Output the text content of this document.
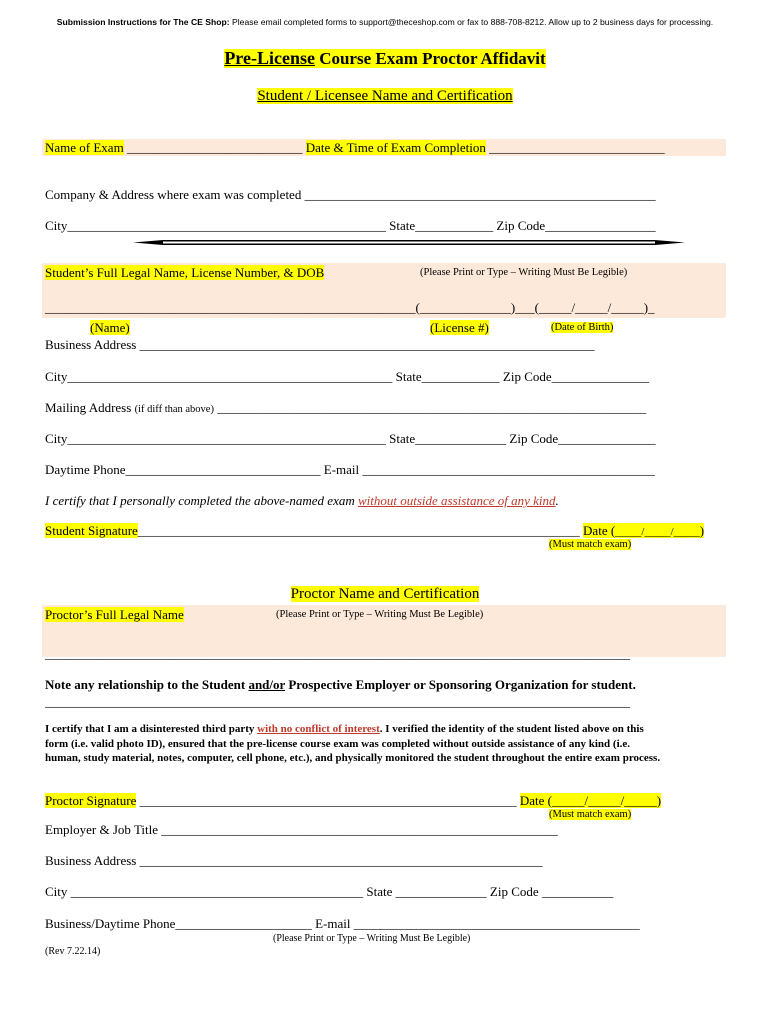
Submission Instructions for The CE Shop: Please email completed forms to support@theceshop.com or fax to 888-708-8212. Allow up to 2 business days for processing.
Pre-License Course Exam Proctor Affidavit
Student / Licensee Name and Certification
Name of Exam ___________________________ Date & Time of Exam Completion ___________________________
Company & Address where exam was completed ______________________________________________________
City_________________________________________________ State____________ Zip Code_________________
Student’s Full Legal Name, License Number, & DOB	(Please Print or Type – Writing Must Be Legible)
_________________________________________________________(______________)___(_____/_____/_____)_
(Name)	(License #)	(Date of Birth)
Business Address ______________________________________________________________________
City__________________________________________________ State____________ Zip Code_______________
Mailing Address (if diff than above) __________________________________________________________________
City_________________________________________________ State______________ Zip Code_______________
Daytime Phone______________________________ E-mail _____________________________________________
I certify that I personally completed the above-named exam without outside assistance of any kind.
Student Signature____________________________________________________________________ Date (_____/_____/_____)
(Must match exam)
Proctor Name and Certification
Proctor’s Full Legal Name	(Please Print or Type – Writing Must Be Legible)
__________________________________________________________________________________________
Note any relationship to the Student and/or Prospective Employer or Sponsoring Organization for student.
__________________________________________________________________________________________
I certify that I am a disinterested third party with no conflict of interest. I verified the identity of the student listed above on this
form (i.e. valid photo ID), ensured that the pre-license course exam was completed without outside assistance of any kind (i.e.
human, study material, notes, computer, cell phone, etc.), and physically monitored the student throughout the entire exam process.
Proctor Signature __________________________________________________________ Date (_____/_____/_____)
(Must match exam)
Employer & Job Title _____________________________________________________________
Business Address ______________________________________________________________
City _____________________________________________ State ______________ Zip Code ___________
Business/Daytime Phone_____________________ E-mail ____________________________________________
(Please Print or Type – Writing Must Be Legible)
(Rev 7.22.14)
